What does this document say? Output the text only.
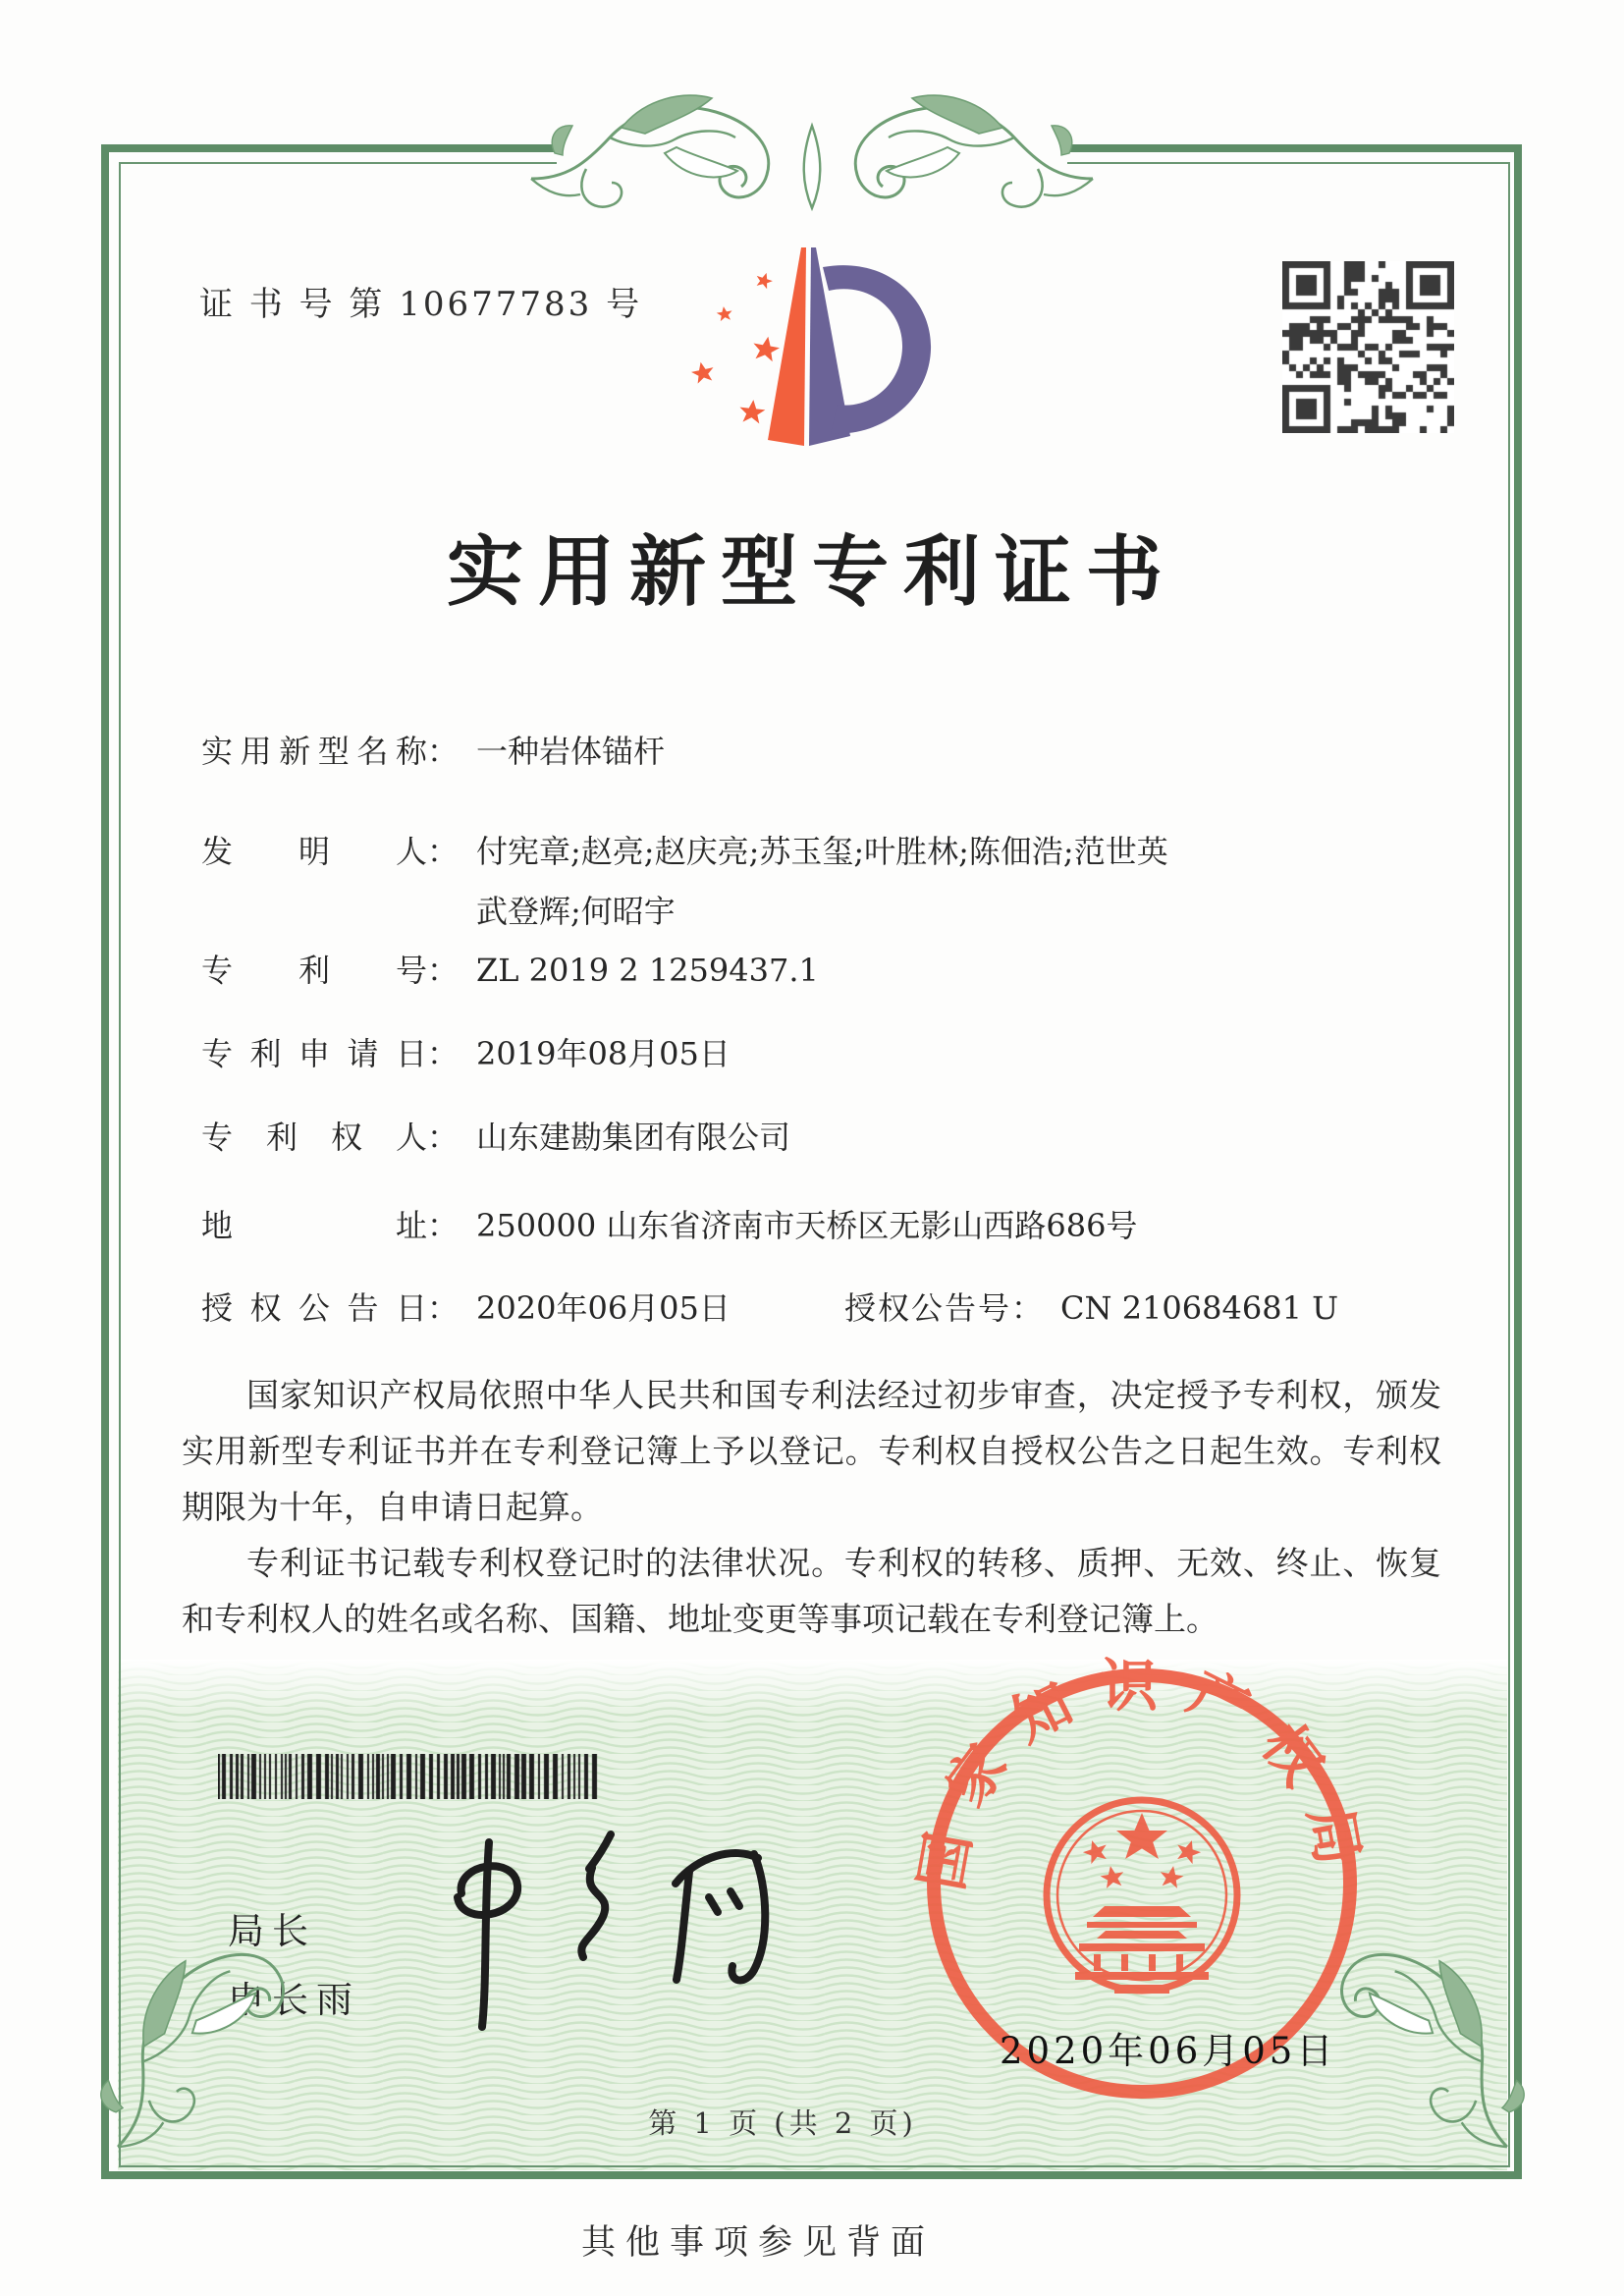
证 书 号 第 10677783 号
实用新型专利证书
实用新型名称： 一种岩体锚杆
发明人： 付宪章;赵亮;赵庆亮;苏玉玺;叶胜林;陈佃浩;范世英
武登辉;何昭宇
专利号： ZL 2019 2 1259437.1
专利申请日： 2019年08月05日
专利权人： 山东建勘集团有限公司
地址： 250000 山东省济南市天桥区无影山西路686号
授权公告日： 2020年06月05日	授权公告号： CN 210684681 U

国家知识产权局依照中华人民共和国专利法经过初步审查，决定授予专利权，颁发实用新型专利证书并在专利登记簿上予以登记。专利权自授权公告之日起生效。专利权期限为十年，自申请日起算。

专利证书记载专利权登记时的法律状况。专利权的转移、质押、无效、终止、恢复和专利权人的姓名或名称、国籍、地址变更等事项记载在专利登记簿上。

局长
申长雨
国家知识产权局
2020年06月05日
第 1 页 (共 2 页)
其他事项参见背面
